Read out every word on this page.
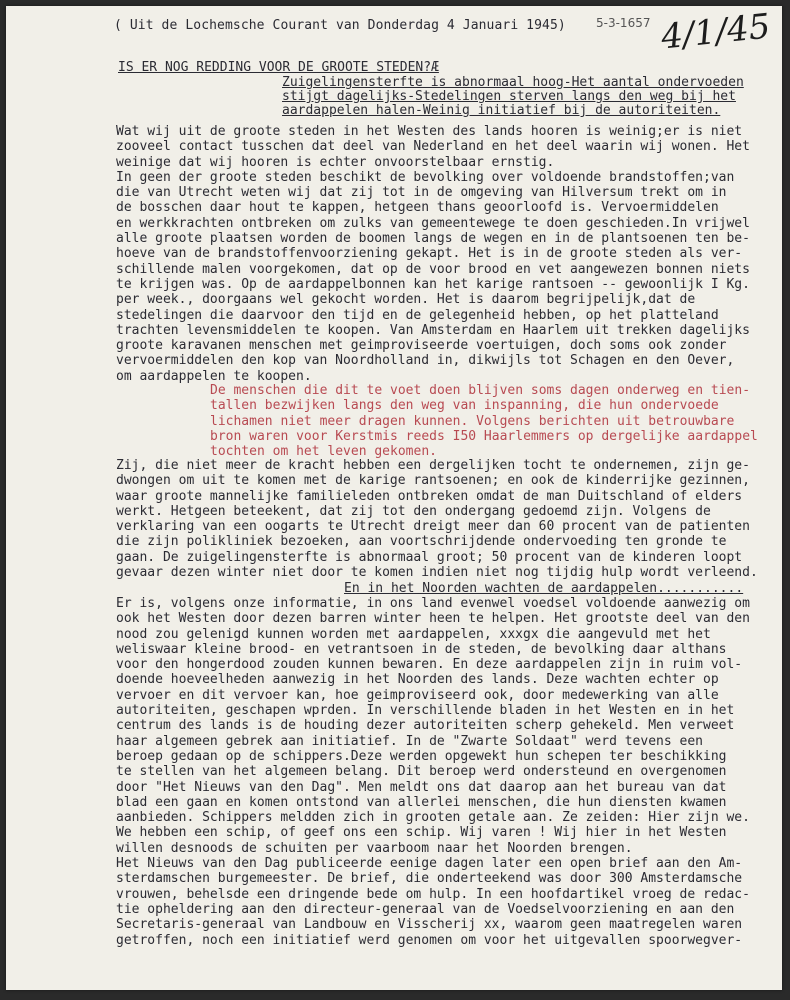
( Uit de Lochemsche Courant van Donderdag 4 Januari 1945)	5-3-1657 4/1/45
IS ER NOG REDDING VOOR DE GROOTE STEDEN?Æ
Zuigelingensterfte is abnormaal hoog-Het aantal ondervoeden
stijgt dagelijks-Stedelingen sterven langs den weg bij het
aardappelen halen-Weinig initiatief bij de autoriteiten.
Wat wij uit de groote steden in het Westen des lands hooren is weinig;er is niet
zooveel contact tusschen dat deel van Nederland en het deel waarin wij wonen. Het
weinige dat wij hooren is echter onvoorstelbaar ernstig.
In geen der groote steden beschikt de bevolking over voldoende brandstoffen;van
die van Utrecht weten wij dat zij tot in de omgeving van Hilversum trekt om in
de bosschen daar hout te kappen, hetgeen thans geoorloofd is. Vervoermiddelen
en werkkrachten ontbreken om zulks van gemeentewege te doen geschieden.In vrijwel
alle groote plaatsen worden de boomen langs de wegen en in de plantsoenen ten be-
hoeve van de brandstoffenvoorziening gekapt. Het is in de groote steden als ver-
schillende malen voorgekomen, dat op de voor brood en vet aangewezen bonnen niets
te krijgen was. Op de aardappelbonnen kan het karige rantsoen -- gewoonlijk I Kg.
per week., doorgaans wel gekocht worden. Het is daarom begrijpelijk,dat de
stedelingen die daarvoor den tijd en de gelegenheid hebben, op het platteland
trachten levensmiddelen te koopen. Van Amsterdam en Haarlem uit trekken dagelijks
groote karavanen menschen met geimproviseerde voertuigen, doch soms ook zonder
vervoermiddelen den kop van Noordholland in, dikwijls tot Schagen en den Oever,
om aardappelen te koopen.
De menschen die dit te voet doen blijven soms dagen onderweg en tien-
tallen bezwijken langs den weg van inspanning, die hun ondervoede
lichamen niet meer dragen kunnen. Volgens berichten uit betrouwbare
bron waren voor Kerstmis reeds I50 Haarlemmers op dergelijke aardappel
tochten om het leven gekomen.
Zij, die niet meer de kracht hebben een dergelijken tocht te ondernemen, zijn ge-
dwongen om uit te komen met de karige rantsoenen; en ook de kinderrijke gezinnen,
waar groote mannelijke familieleden ontbreken omdat de man Duitschland of elders
werkt. Hetgeen beteekent, dat zij tot den ondergang gedoemd zijn. Volgens de
verklaring van een oogarts te Utrecht dreigt meer dan 60 procent van de patienten
die zijn polikliniek bezoeken, aan voortschrijdende ondervoeding ten gronde te
gaan. De zuigelingensterfte is abnormaal groot; 50 procent van de kinderen loopt
gevaar dezen winter niet door te komen indien niet nog tijdig hulp wordt verleend.
En in het Noorden wachten de aardappelen...........
Er is, volgens onze informatie, in ons land evenwel voedsel voldoende aanwezig om
ook het Westen door dezen barren winter heen te helpen. Het grootste deel van den
nood zou gelenigd kunnen worden met aardappelen, xxxgx die aangevuld met het
weliswaar kleine brood- en vetrantsoen in de steden, de bevolking daar althans
voor den hongerdood zouden kunnen bewaren. En deze aardappelen zijn in ruim vol-
doende hoeveelheden aanwezig in het Noorden des lands. Deze wachten echter op
vervoer en dit vervoer kan, hoe geimproviseerd ook, door medewerking van alle
autoriteiten, geschapen wprden. In verschillende bladen in het Westen en in het
centrum des lands is de houding dezer autoriteiten scherp gehekeld. Men verweet
haar algemeen gebrek aan initiatief. In de "Zwarte Soldaat" werd tevens een
beroep gedaan op de schippers.Deze werden opgewekt hun schepen ter beschikking
te stellen van het algemeen belang. Dit beroep werd ondersteund en overgenomen
door "Het Nieuws van den Dag". Men meldt ons dat daarop aan het bureau van dat
blad een gaan en komen ontstond van allerlei menschen, die hun diensten kwamen
aanbieden. Schippers meldden zich in grooten getale aan. Ze zeiden: Hier zijn we.
We hebben een schip, of geef ons een schip. Wij varen ! Wij hier in het Westen
willen desnoods de schuiten per vaarboom naar het Noorden brengen.
Het Nieuws van den Dag publiceerde eenige dagen later een open brief aan den Am-
sterdamschen burgemeester. De brief, die onderteekend was door 300 Amsterdamsche
vrouwen, behelsde een dringende bede om hulp. In een hoofdartikel vroeg de redac-
tie opheldering aan den directeur-generaal van de Voedselvoorziening en aan den
Secretaris-generaal van Landbouw en Visscherij xx, waarom geen maatregelen waren
getroffen, noch een initiatief werd genomen om voor het uitgevallen spoorwegver-
